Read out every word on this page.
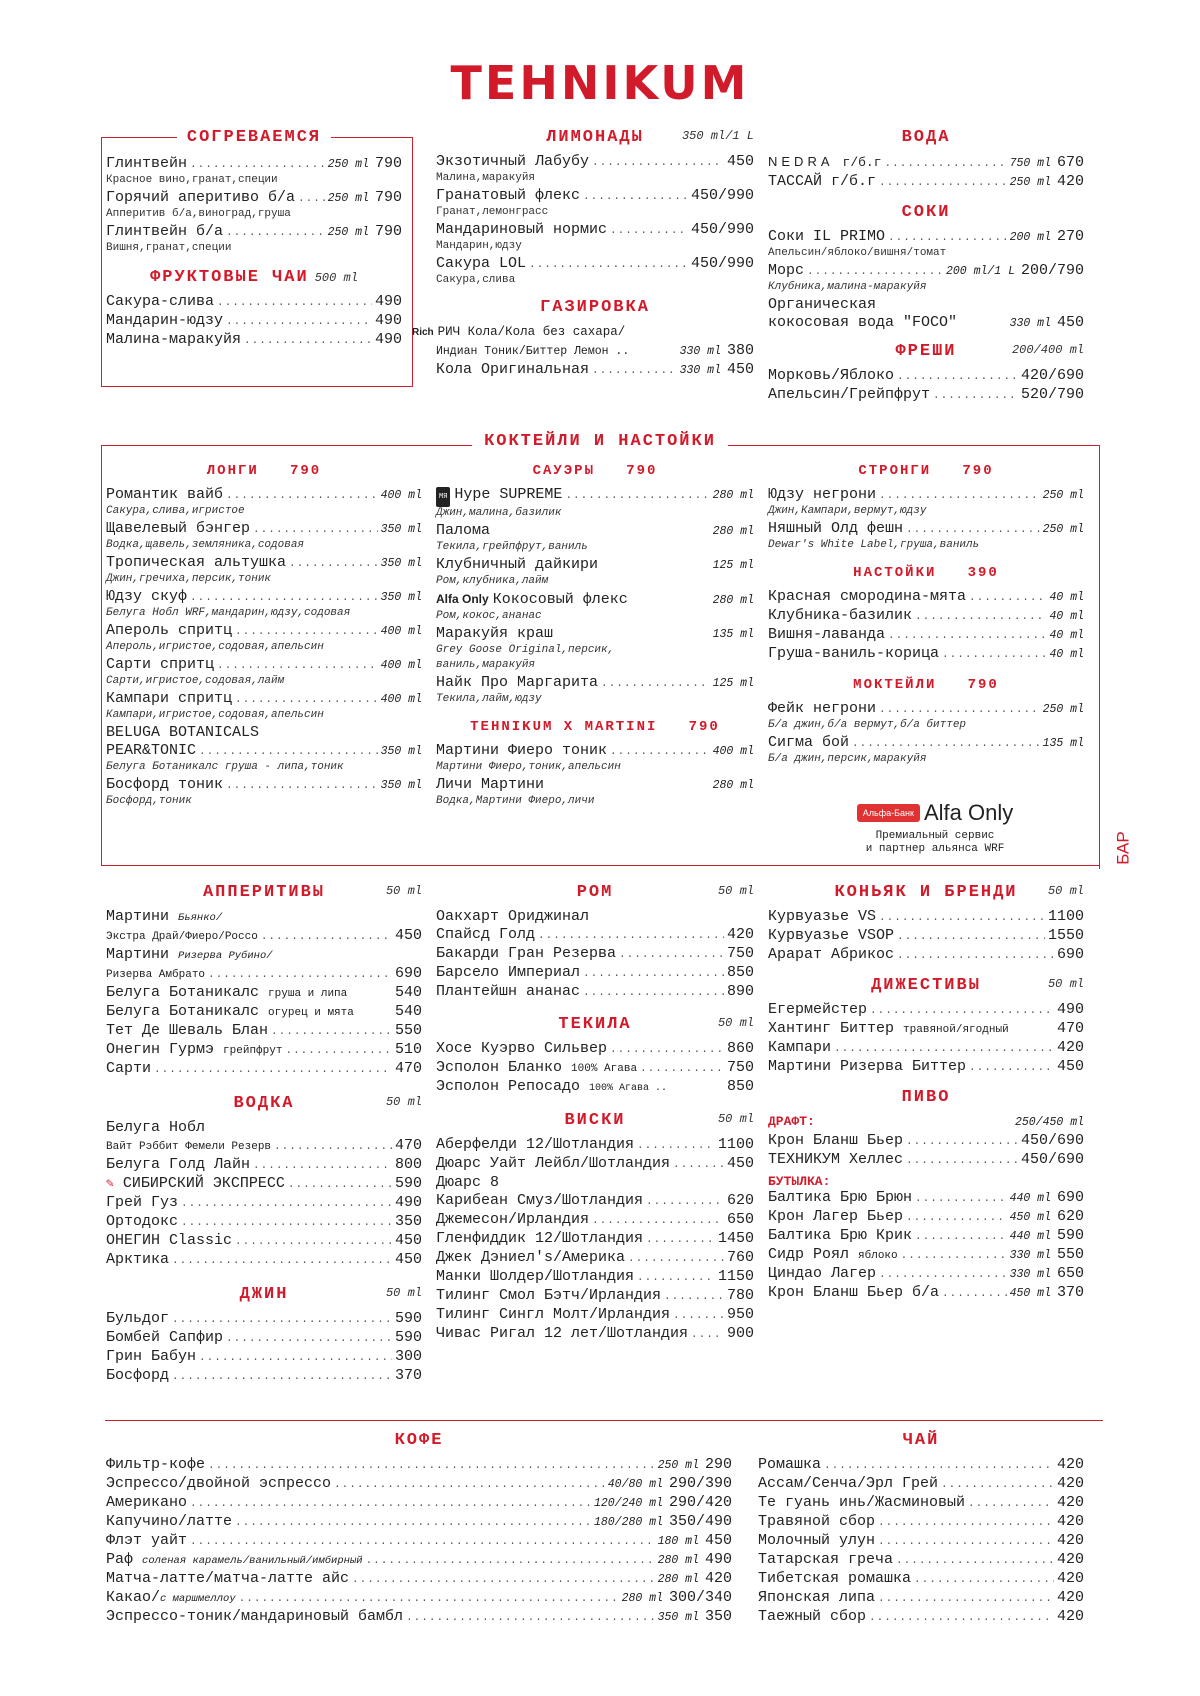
TEHNIKUM
БАР
СОГРЕВАЕМСЯ
Глинтвейн .....	250 ml 790
Красное вино,гранат,специи
Горячий аперитиво б/а .....	250 ml 790
Апперитив б/а,виноград,груша
Глинтвейн б/а .....	250 ml 790
Вишня,гранат,специи
ФРУКТОВЫЕ ЧАИ 500 ml
Сакура-слива .....	490
Мандарин-юдзу .....	490
Малина-маракуйя .....	490
ЛИМОНАДЫ	350 ml/1 L
Экзотичный Лабубу .....	450
Малина,маракуйя
Гранатовый флекс .....	450/990
Гранат,лемонграсс
Мандариновый нормис .....	450/990
Мандарин,юдзу
Сакура LOL .....	450/990
Сакура,слива
ГАЗИРОВКА
Rich РИЧ Кола/Кола без сахара/
Индиан Тоник/Биттер Лемон ..	330 ml 380
Кола Оригинальная .....	330 ml 450
ВОДА
NEDRA г/б.г .....	750 ml 670
ТАССАЙ г/б.г .....	250 ml 420
СОКИ
Соки IL PRIMO .....	200 ml 270
Апельсин/яблоко/вишня/томат
Морс .....	200 ml/1 L 200/790
Клубника,малина-маракуйя
Органическая
кокосовая вода "FOCO"	330 ml 450
ФРЕШИ	200/400 ml
Морковь/Яблоко .....	420/690
Апельсин/Грейпфрут .....	520/790
КОКТЕЙЛИ И НАСТОЙКИ
ЛОНГИ 790
Романтик вайб .....	400 ml
Сакура,слива,игристое
Щавелевый бэнгер .....	350 ml
Водка,щавель,земляника,содовая
Тропическая альтушка .....	350 ml
Джин,гречиха,персик,тоник
Юдзу скуф .....	350 ml
Белуга Нобл WRF,мандарин,юдзу,содовая
Апероль спритц .....	400 ml
Апероль,игристое,содовая,апельсин
Сарти спритц .....	400 ml
Сарти,игристое,содовая,лайм
Кампари спритц .....	400 ml
Кампари,игристое,содовая,апельсин
BELUGA BOTANICALS
PEAR&TONIC .....	350 ml
Белуга Ботаникалс груша - липа,тоник
Босфорд тоник .....	350 ml
Босфорд,тоник
САУЭРЫ 790
МЯ Hype SUPREME .....	280 ml
Джин,малина,базилик
Палома	280 ml
Текила,грейпфрут,ваниль
Клубничный дайкири	125 ml
Ром,клубника,лайм
Alfa Only Кокосовый флекс	280 ml
Ром,кокос,ананас
Маракуйя краш	135 ml
Grey Goose Original,персик,
ваниль,маракуйя
Найк Про Маргарита .....	125 ml
Текила,лайм,юдзу
TEHNIKUM X MARTINI 790
Мартини Фиеро тоник .....	400 ml
Мартини Фиеро,тоник,апельсин
Личи Мартини	280 ml
Водка,Мартини Фиеро,личи
СТРОНГИ 790
Юдзу негрони .....	250 ml
Джин,Кампари,вермут,юдзу
Няшный Олд фешн .....	250 ml
Dewar's White Label,груша,ваниль
НАСТОЙКИ 390
Красная смородина-мята .....	40 ml
Клубника-базилик .....	40 ml
Вишня-лаванда .....	40 ml
Груша-ваниль-корица .....	40 ml
МОКТЕЙЛИ 790
Фейк негрони .....	250 ml
Б/а джин,б/а вермут,б/а биттер
Сигма бой .....	135 ml
Б/а джин,персик,маракуйя
Альфа-Банк Alfa Only
Премиальный сервис
и партнер альянса WRF
АППЕРИТИВЫ	50 ml
Мартини Бьянко/
Экстра Драй/Фиеро/Россо .....	450
Мартини Ризерва Рубино/
Ризерва Амбрато .....	690
Белуга Ботаникалс груша и липа	540
Белуга Ботаникалс огурец и мята	540
Тет Де Шеваль Блан .....	550
Онегин Гурмэ грейпфрут .....	510
Сарти .....	470
ВОДКА	50 ml
Белуга Нобл
Вайт Рэббит Фемели Резерв .....	470
Белуга Голд Лайн .....	800
✎ СИБИРСКИЙ ЭКСПРЕСС .....	590
Грей Гуз .....	490
Ортодокс .....	350
ОНЕГИН Classic .....	450
Арктика .....	450
ДЖИН	50 ml
Бульдог .....	590
Бомбей Сапфир .....	590
Грин Бабун .....	300
Босфорд .....	370
РОМ	50 ml
Оакхарт Ориджинал
Спайсд Голд .....	420
Бакарди Гран Резерва .....	750
Барсело Империал .....	850
Плантейшн ананас .....	890
ТЕКИЛА	50 ml
Хосе Куэрво Сильвер .....	860
Эсполон Бланко 100% Агава .....	750
Эсполон Репосадо 100% Агава ..	850
ВИСКИ	50 ml
Аберфелди 12/Шотландия .....	1100
Дюарс Уайт Лейбл/Шотландия .....	450
Дюарс 8
Карибеан Смуз/Шотландия .....	620
Джемесон/Ирландия .....	650
Гленфиддик 12/Шотландия .....	1450
Джек Дэниел's/Америка .....	760
Манки Шолдер/Шотландия .....	1150
Тилинг Смол Бэтч/Ирландия .....	780
Тилинг Сингл Молт/Ирландия .....	950
Чивас Ригал 12 лет/Шотландия .....	900
КОНЬЯК И БРЕНДИ	50 ml
Курвуазье VS .....	1100
Курвуазье VSOP .....	1550
Арарат Абрикос .....	690
ДИЖЕСТИВЫ	50 ml
Егермейстер .....	490
Хантинг Биттер травяной/ягодный	470
Кампари .....	420
Мартини Ризерва Биттер .....	450
ПИВО
ДРАФТ:	250/450 ml
Крон Бланш Бьер .....	450/690
ТЕХНИКУМ Хеллес .....	450/690
БУТЫЛКА:
Балтика Брю Брюн .....	440 ml 690
Крон Лагер Бьер .....	450 ml 620
Балтика Брю Крик .....	440 ml 590
Сидр Роял яблоко .....	330 ml 550
Циндао Лагер .....	330 ml 650
Крон Бланш Бьер б/а .....	450 ml 370
КОФЕ
Фильтр-кофе .....	250 ml 290
Эспрессо/двойной эспрессо .....	40/80 ml 290/390
Американо .....	120/240 ml 290/420
Капучино/латте .....	180/280 ml 350/490
Флэт уайт .....	180 ml 450
Раф соленая карамель/ванильный/имбирный .....	280 ml 490
Матча-латте/матча-латте айс .....	280 ml 420
Какао/с маршмеллоу .....	280 ml 300/340
Эспрессо-тоник/мандариновый бамбл .....	350 ml 350
ЧАЙ
Ромашка .....	420
Ассам/Сенча/Эрл Грей .....	420
Те гуань инь/Жасминовый .....	420
Травяной сбор .....	420
Молочный улун .....	420
Татарская греча .....	420
Тибетская ромашка .....	420
Японская липа .....	420
Таежный сбор .....	420
